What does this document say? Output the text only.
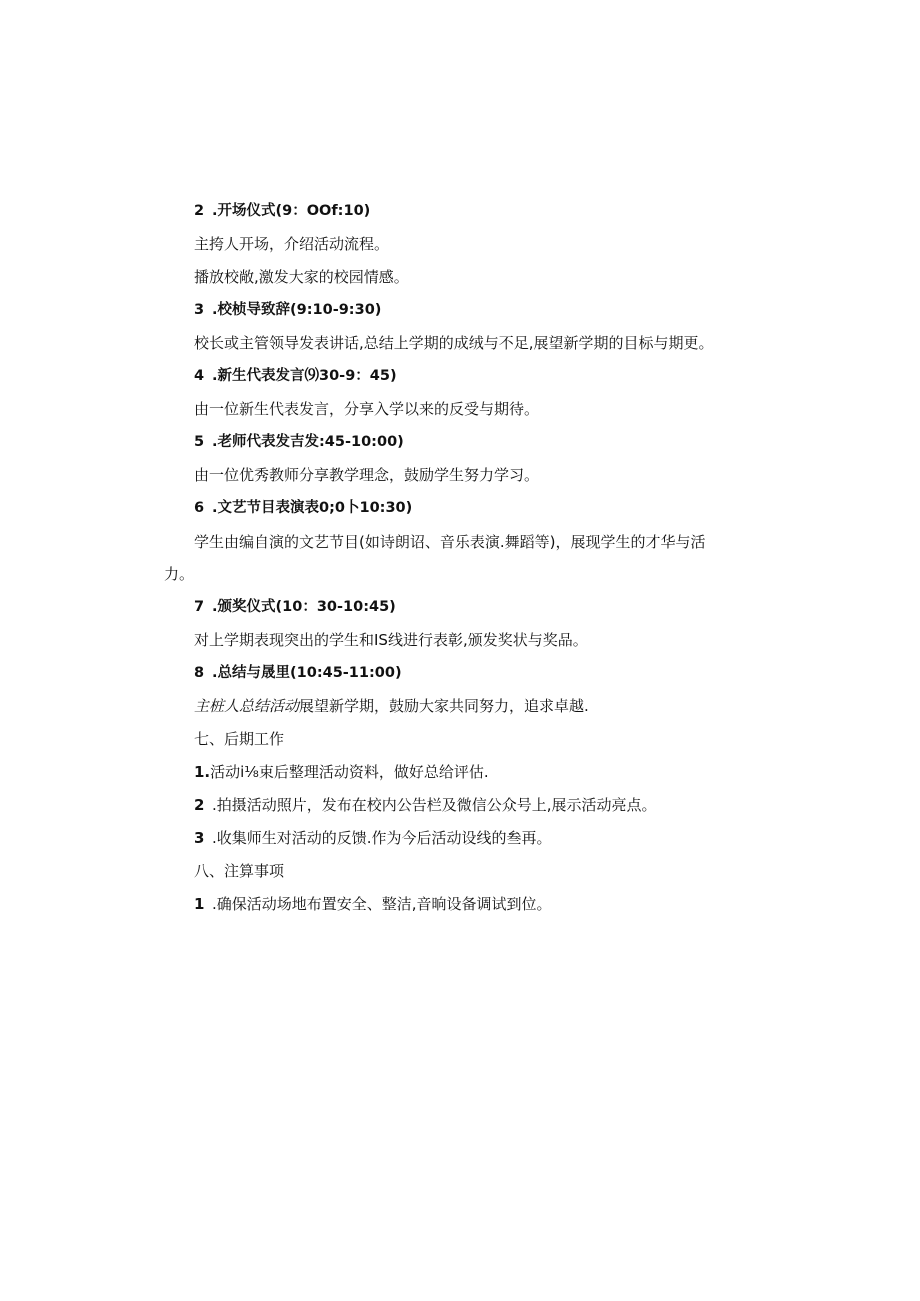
2 .开场仪式(9：OOf:10)
主挎人开场，介绍活动流程。
播放校敞,激发大家的校园情感。
3 .校桢导致辞(9:10-9:30)
校长或主管领导发表讲话,总结上学期的成绒与不足,展望新学期的目标与期更。
4 .新生代表发言⑼30-9：45)
由一位新生代表发言，分享入学以来的反受与期待。
5 .老师代表发吉发:45-10:00)
由一位优秀教师分享教学理念，鼓励学生努力学习。
6 .文艺节目表演表0;0卜10:30)
学生由编自演的文艺节目(如诗朗诏、音乐表演.舞蹈等)，展现学生的才华与活
力。
7 .颁奖仪式(10：30-10:45)
对上学期表现突出的学生和IS线进行表彰,颁发奖状与奖品。
8 .总结与晟里(10:45-11:00)
主桩人总结活动展望新学期，鼓励大家共同努力，追求卓越.
七、后期工作
1.活动i⅛束后整理活动资料，做好总给评估.
2 .拍摄活动照片，发布在校内公告栏及微信公众号上,展示活动亮点。
3 .收集师生对活动的反馈.作为今后活动设线的叁再。
八、注算事项
1 .确保活动场地布置安全、整洁,音晌设备调试到位。
